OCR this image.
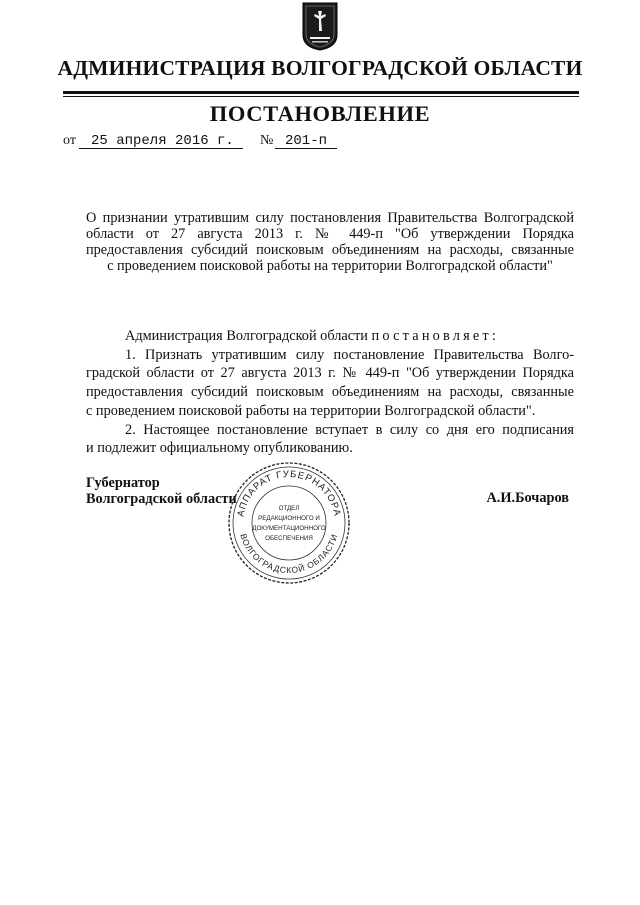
АДМИНИСТРАЦИЯ ВОЛГОГРАДСКОЙ ОБЛАСТИ
ПОСТАНОВЛЕНИЕ
от 25 апреля 2016 г. № 201-п
О признании утратившим силу постановления Правительства Волгоградской
области от 27 августа 2013 г. № 449-п "Об утверждении Порядка
предоставления субсидий поисковым объединениям на расходы, связанные
с проведением поисковой работы на территории Волгоградской области"
Администрация Волгоградской области постановляет:
1. Признать утратившим силу постановление Правительства Волго-
градской области от 27 августа 2013 г. № 449-п "Об утверждении Порядка
предоставления субсидий поисковым объединениям на расходы, связанные
с проведением поисковой работы на территории Волгоградской области".
2. Настоящее постановление вступает в силу со дня его подписания
и подлежит официальному опубликованию.
Губернатор
Волгоградской области	А.И.Бочаров
АППАРАТ ГУБЕРНАТОРА
ВОЛГОГРАДСКОЙ ОБЛАСТИ
ОТДЕЛ
РЕДАКЦИОННОГО И
ДОКУМЕНТАЦИОННОГО
ОБЕСПЕЧЕНИЯ
